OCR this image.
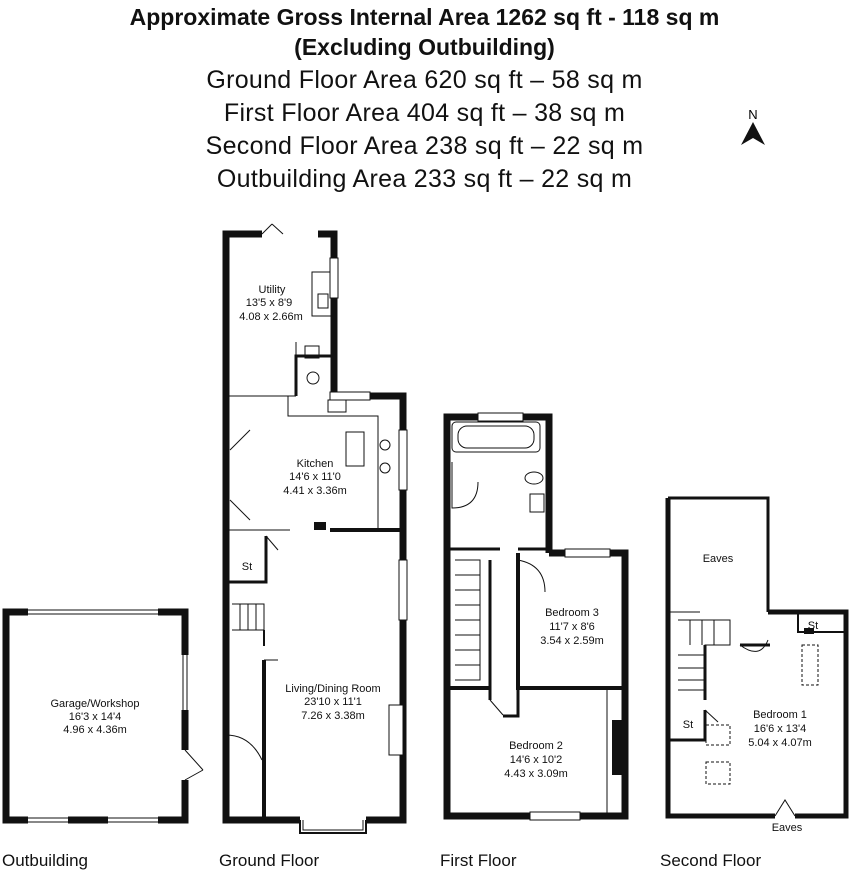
Approximate Gross Internal Area 1262 sq ft - 118 sq m
(Excluding Outbuilding)
Ground Floor Area 620 sq ft – 58 sq m
First Floor Area 404 sq ft – 38 sq m
Second Floor Area 238 sq ft – 22 sq m
Outbuilding Area 233 sq ft – 22 sq m
N
Garage/Workshop
16'3 x 14'4
4.96 x 4.36m
Outbuilding
Utility
13'5 x 8'9
4.08 x 2.66m
Kitchen
14'6 x 11'0
4.41 x 3.36m
St
Living/Dining Room
23'10 x 11'1
7.26 x 3.38m
Ground Floor
Bedroom 3
11'7 x 8'6
3.54 x 2.59m
Bedroom 2
14'6 x 10'2
4.43 x 3.09m
First Floor
Eaves
St
St
Bedroom 1
16'6 x 13'4
5.04 x 4.07m
Eaves
Second Floor
